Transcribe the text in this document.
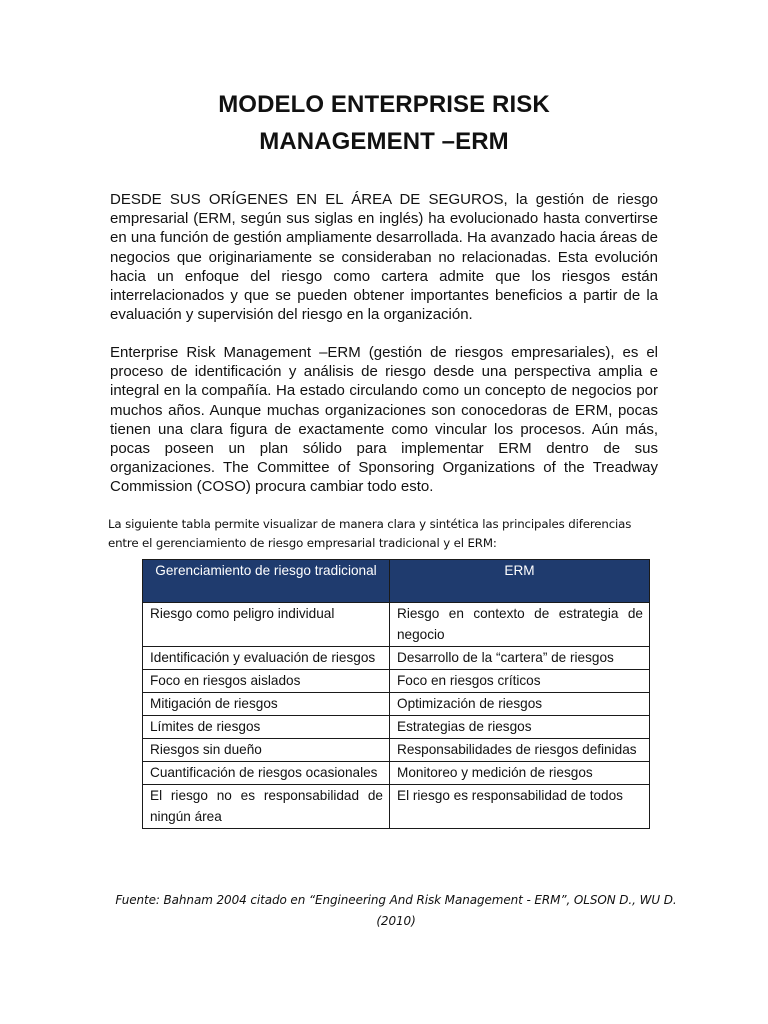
MODELO ENTERPRISE RISK
MANAGEMENT –ERM

DESDE SUS ORÍGENES EN EL ÁREA DE SEGUROS, la gestión de riesgo empresarial (ERM, según sus siglas en inglés) ha evolucionado hasta convertirse en una función de gestión ampliamente desarrollada. Ha avanzado hacia áreas de negocios que originariamente se consideraban no relacionadas. Esta evolución hacia un enfoque del riesgo como cartera admite que los riesgos están interrelacionados y que se pueden obtener importantes beneficios a partir de la evaluación y supervisión del riesgo en la organización.

Enterprise Risk Management –ERM (gestión de riesgos empresariales), es el proceso de identificación y análisis de riesgo desde una perspectiva amplia e integral en la compañía. Ha estado circulando como un concepto de negocios por muchos años. Aunque muchas organizaciones son conocedoras de ERM, pocas tienen una clara figura de exactamente como vincular los procesos. Aún más, pocas poseen un plan sólido para implementar ERM dentro de sus organizaciones. The Committee of Sponsoring Organizations of the Treadway Commission (COSO) procura cambiar todo esto.

La siguiente tabla permite visualizar de manera clara y sintética las principales diferencias
entre el gerenciamiento de riesgo empresarial tradicional y el ERM:

Gerenciamiento de riesgo tradicional	ERM
Riesgo como peligro individual	Riesgo en contexto de estrategia de negocio
Identificación y evaluación de riesgos	Desarrollo de la “cartera” de riesgos
Foco en riesgos aislados	Foco en riesgos críticos
Mitigación de riesgos	Optimización de riesgos
Límites de riesgos	Estrategias de riesgos
Riesgos sin dueño	Responsabilidades de riesgos definidas
Cuantificación de riesgos ocasionales	Monitoreo y medición de riesgos
El riesgo no es responsabilidad de ningún área	El riesgo es responsabilidad de todos

Fuente: Bahnam 2004 citado en “Engineering And Risk Management - ERM”, OLSON D., WU D.
(2010)
